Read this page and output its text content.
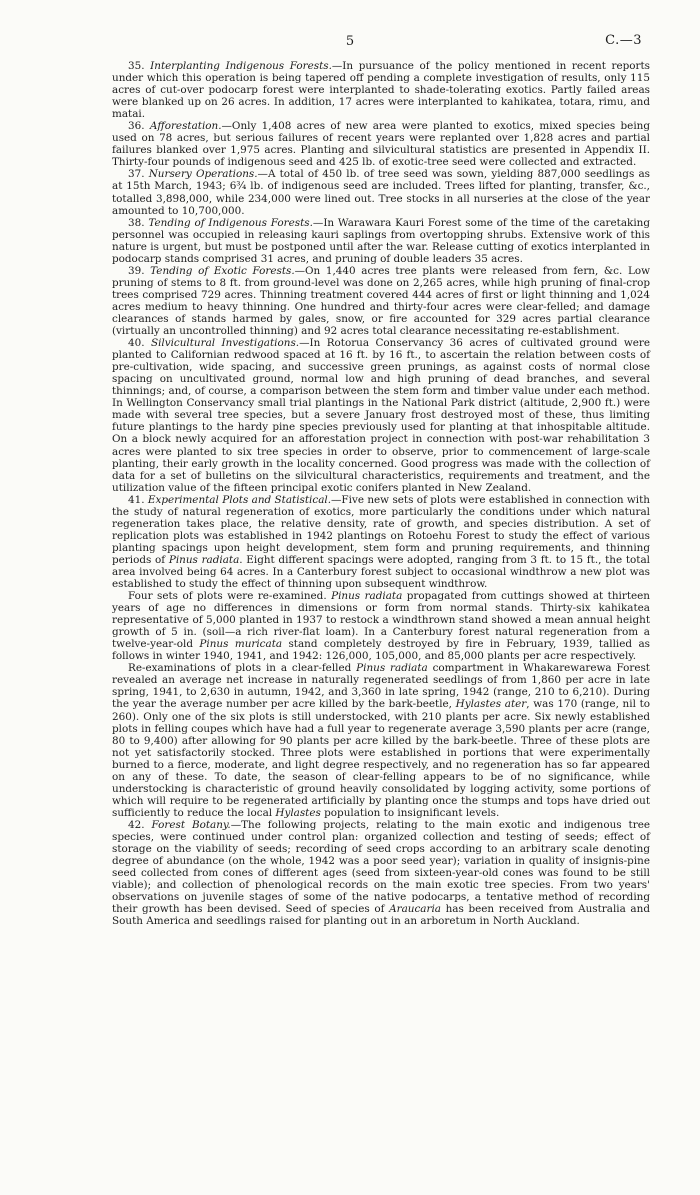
5	C.—3

35. Interplanting Indigenous Forests.—In pursuance of the policy mentioned in recent reports under which this operation is being tapered off pending a complete investigation of results, only 115 acres of cut-over podocarp forest were interplanted to shade-tolerating exotics. Partly failed areas were blanked up on 26 acres. In addition, 17 acres were interplanted to kahikatea, totara, rimu, and matai.

36. Afforestation.—Only 1,408 acres of new area were planted to exotics, mixed species being used on 78 acres, but serious failures of recent years were replanted over 1,828 acres and partial failures blanked over 1,975 acres. Planting and silvicultural statistics are presented in Appendix II. Thirty-four pounds of indigenous seed and 425 lb. of exotic-tree seed were collected and extracted.

37. Nursery Operations.—A total of 450 lb. of tree seed was sown, yielding 887,000 seedlings as at 15th March, 1943; 6¾ lb. of indigenous seed are included. Trees lifted for planting, transfer, &c., totalled 3,898,000, while 234,000 were lined out. Tree stocks in all nurseries at the close of the year amounted to 10,700,000.

38. Tending of Indigenous Forests.—In Warawara Kauri Forest some of the time of the caretaking personnel was occupied in releasing kauri saplings from overtopping shrubs. Extensive work of this nature is urgent, but must be postponed until after the war. Release cutting of exotics interplanted in podocarp stands comprised 31 acres, and pruning of double leaders 35 acres.

39. Tending of Exotic Forests.—On 1,440 acres tree plants were released from fern, &c. Low pruning of stems to 8 ft. from ground-level was done on 2,265 acres, while high pruning of final-crop trees comprised 729 acres. Thinning treatment covered 444 acres of first or light thinning and 1,024 acres medium to heavy thinning. One hundred and thirty-four acres were clear-felled; and damage clearances of stands harmed by gales, snow, or fire accounted for 329 acres partial clearance (virtually an uncontrolled thinning) and 92 acres total clearance necessitating re-establishment.

40. Silvicultural Investigations.—In Rotorua Conservancy 36 acres of cultivated ground were planted to Californian redwood spaced at 16 ft. by 16 ft., to ascertain the relation between costs of pre-cultivation, wide spacing, and successive green prunings, as against costs of normal close spacing on uncultivated ground, normal low and high pruning of dead branches, and several thinnings; and, of course, a comparison between the stem form and timber value under each method. In Wellington Conservancy small trial plantings in the National Park district (altitude, 2,900 ft.) were made with several tree species, but a severe January frost destroyed most of these, thus limiting future plantings to the hardy pine species previously used for planting at that inhospitable altitude. On a block newly acquired for an afforestation project in connection with post-war rehabilitation 3 acres were planted to six tree species in order to observe, prior to commencement of large-scale planting, their early growth in the locality concerned. Good progress was made with the collection of data for a set of bulletins on the silvicultural characteristics, requirements and treatment, and the utilization value of the fifteen principal exotic conifers planted in New Zealand.

41. Experimental Plots and Statistical.—Five new sets of plots were established in connection with the study of natural regeneration of exotics, more particularly the conditions under which natural regeneration takes place, the relative density, rate of growth, and species distribution. A set of replication plots was established in 1942 plantings on Rotoehu Forest to study the effect of various planting spacings upon height development, stem form and pruning requirements, and thinning periods of Pinus radiata. Eight different spacings were adopted, ranging from 3 ft. to 15 ft., the total area involved being 64 acres. In a Canterbury forest subject to occasional windthrow a new plot was established to study the effect of thinning upon subsequent windthrow.

Four sets of plots were re-examined. Pinus radiata propagated from cuttings showed at thirteen years of age no differences in dimensions or form from normal stands. Thirty-six kahikatea representative of 5,000 planted in 1937 to restock a windthrown stand showed a mean annual height growth of 5 in. (soil—a rich river-flat loam). In a Canterbury forest natural regeneration from a twelve-year-old Pinus muricata stand completely destroyed by fire in February, 1939, tallied as follows in winter 1940, 1941, and 1942: 126,000, 105,000, and 85,000 plants per acre respectively.

Re-examinations of plots in a clear-felled Pinus radiata compartment in Whakarewarewa Forest revealed an average net increase in naturally regenerated seedlings of from 1,860 per acre in late spring, 1941, to 2,630 in autumn, 1942, and 3,360 in late spring, 1942 (range, 210 to 6,210). During the year the average number per acre killed by the bark-beetle, Hylastes ater, was 170 (range, nil to 260). Only one of the six plots is still understocked, with 210 plants per acre. Six newly established plots in felling coupes which have had a full year to regenerate average 3,590 plants per acre (range, 80 to 9,400) after allowing for 90 plants per acre killed by the bark-beetle. Three of these plots are not yet satisfactorily stocked. Three plots were established in portions that were experimentally burned to a fierce, moderate, and light degree respectively, and no regeneration has so far appeared on any of these. To date, the season of clear-felling appears to be of no significance, while understocking is characteristic of ground heavily consolidated by logging activity, some portions of which will require to be regenerated artificially by planting once the stumps and tops have dried out sufficiently to reduce the local Hylastes population to insignificant levels.

42. Forest Botany.—The following projects, relating to the main exotic and indigenous tree species, were continued under control plan: organized collection and testing of seeds; effect of storage on the viability of seeds; recording of seed crops according to an arbitrary scale denoting degree of abundance (on the whole, 1942 was a poor seed year); variation in quality of insignis-pine seed collected from cones of different ages (seed from sixteen-year-old cones was found to be still viable); and collection of phenological records on the main exotic tree species. From two years' observations on juvenile stages of some of the native podocarps, a tentative method of recording their growth has been devised. Seed of species of Araucaria has been received from Australia and South America and seedlings raised for planting out in an arboretum in North Auckland.
